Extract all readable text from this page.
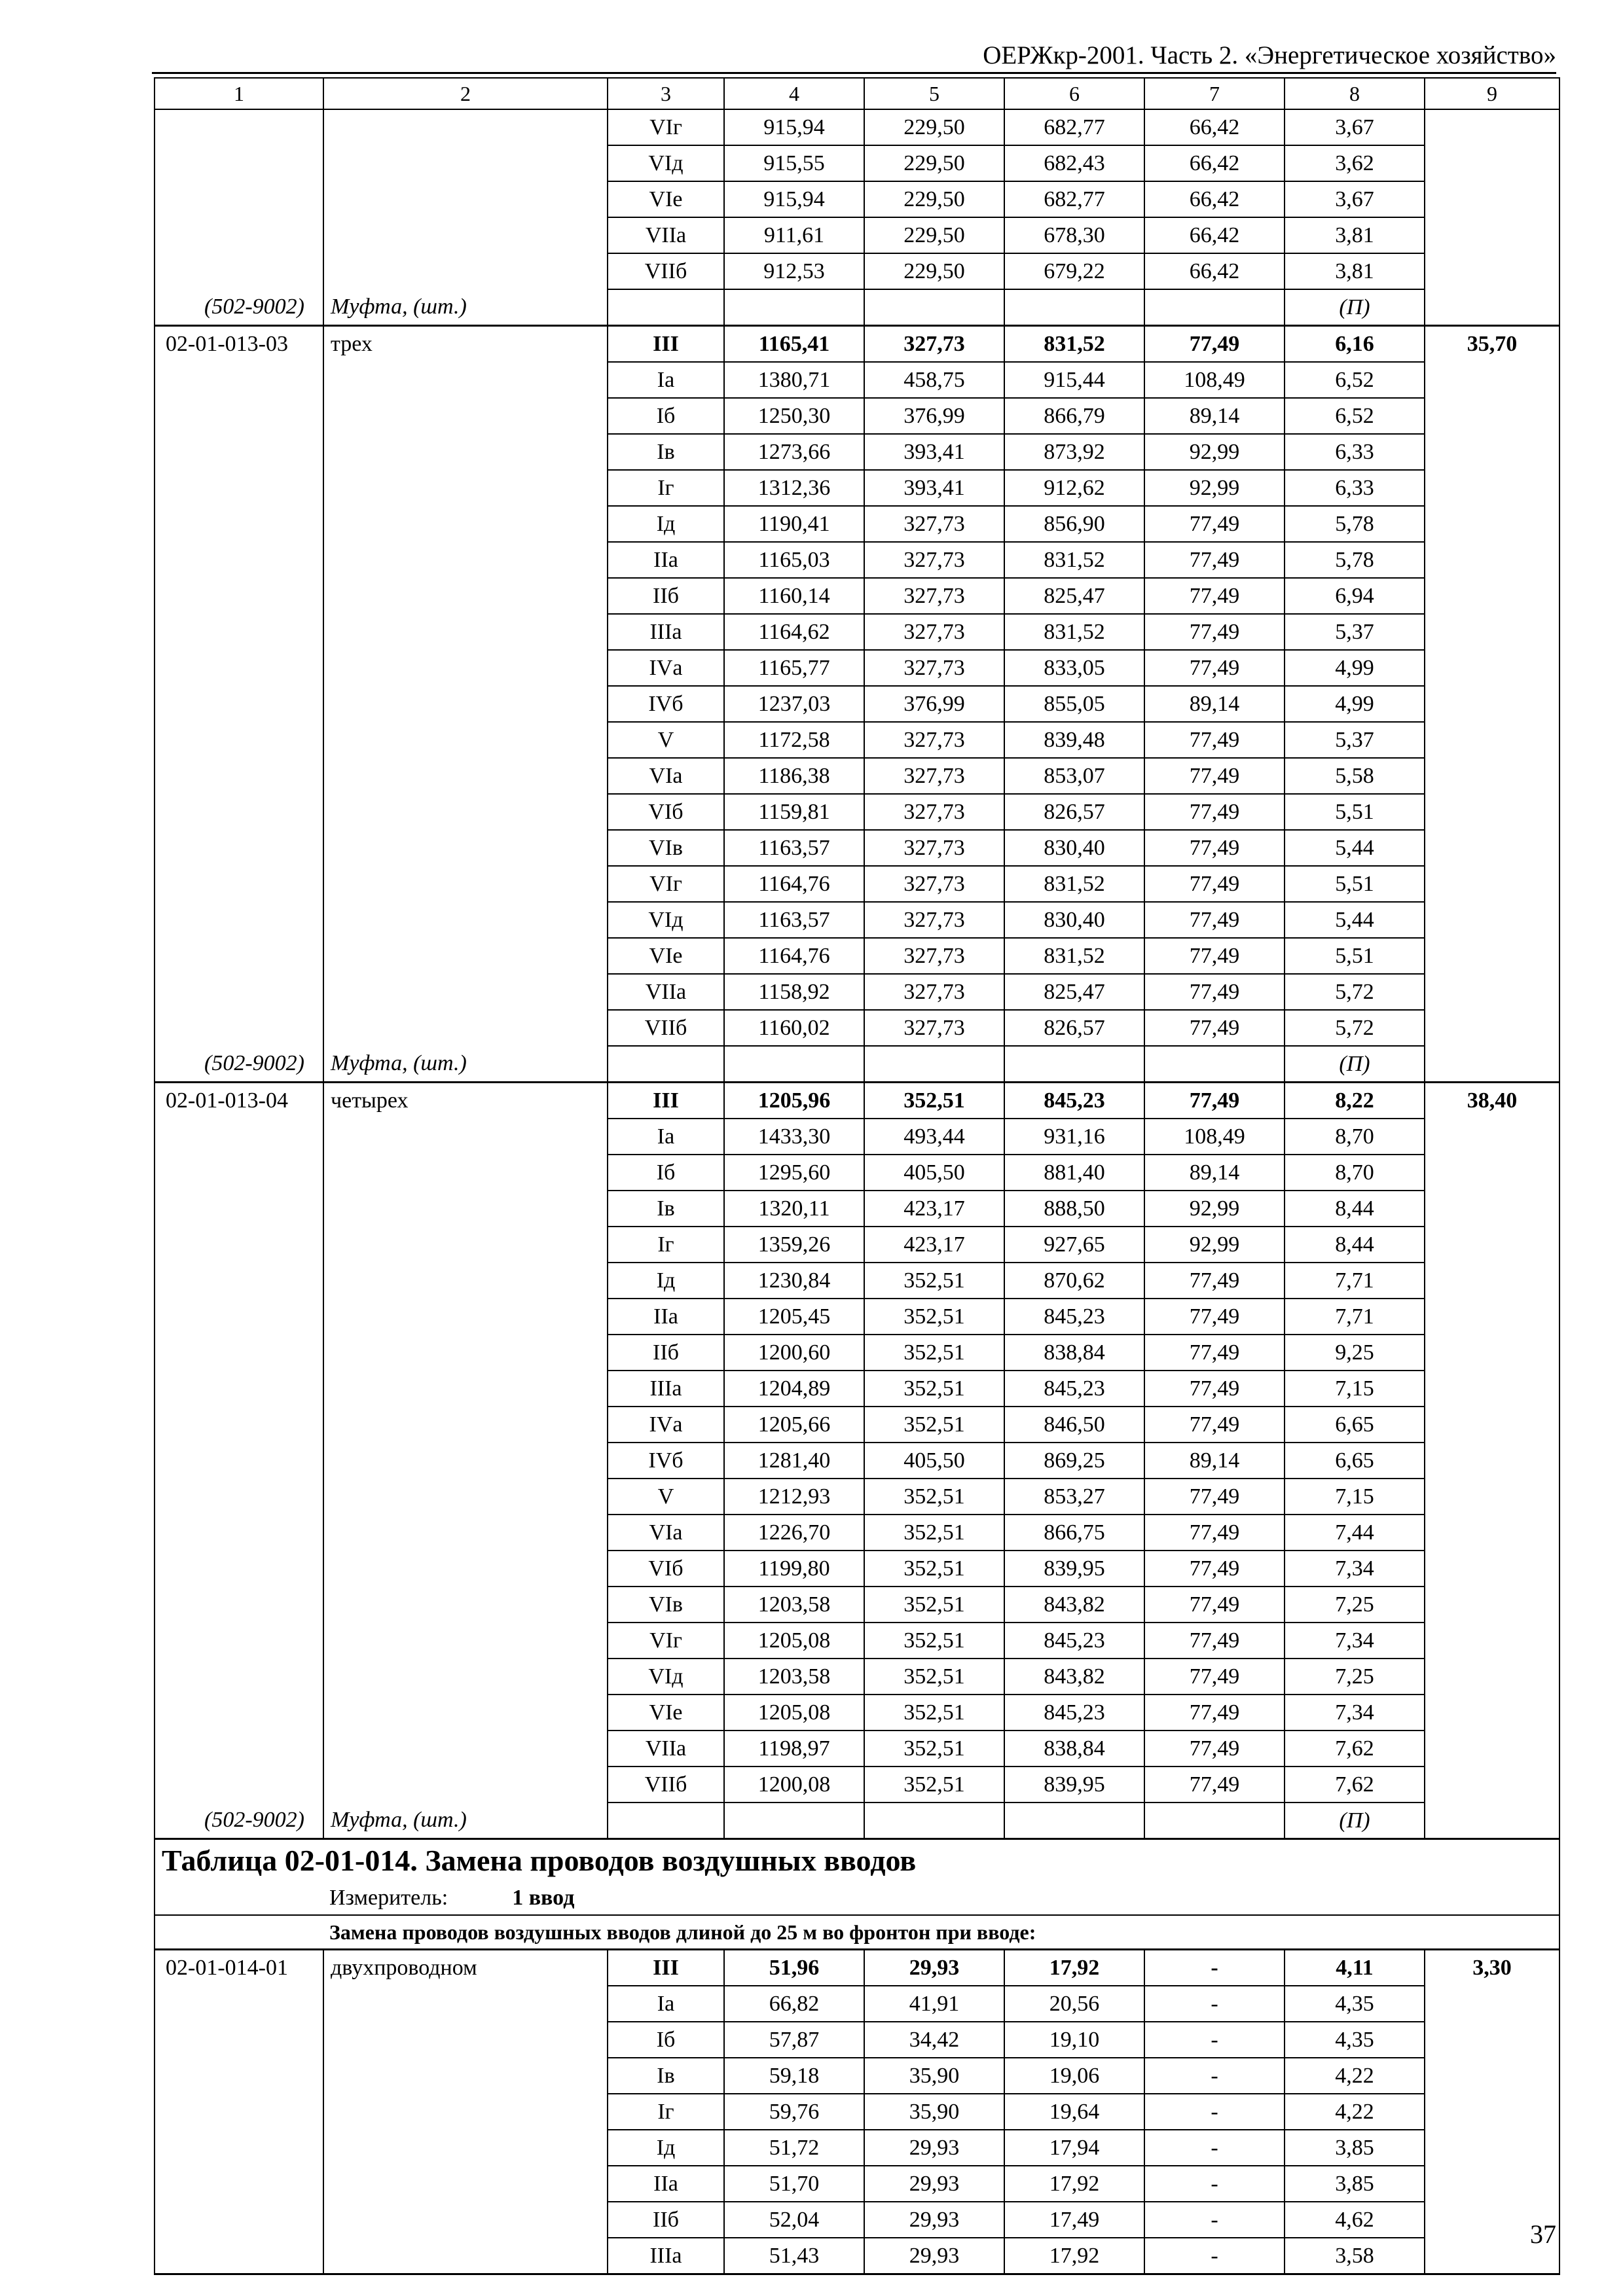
ОЕРЖкр-2001. Часть 2. «Энергетическое хозяйство»
1	2	3	4	5	6	7	8	9
		VIг	915,94	229,50	682,77	66,42	3,67	
		VIд	915,55	229,50	682,43	66,42	3,62	
		VIе	915,94	229,50	682,77	66,42	3,67	
		VIIа	911,61	229,50	678,30	66,42	3,81	
		VIIб	912,53	229,50	679,22	66,42	3,81	
(502-9002)	Муфта, (шт.)						(П)	
02-01-013-03	трех	III	1165,41	327,73	831,52	77,49	6,16	35,70
		Iа	1380,71	458,75	915,44	108,49	6,52	
		Iб	1250,30	376,99	866,79	89,14	6,52	
		Iв	1273,66	393,41	873,92	92,99	6,33	
		Iг	1312,36	393,41	912,62	92,99	6,33	
		Iд	1190,41	327,73	856,90	77,49	5,78	
		IIа	1165,03	327,73	831,52	77,49	5,78	
		IIб	1160,14	327,73	825,47	77,49	6,94	
		IIIа	1164,62	327,73	831,52	77,49	5,37	
		IVа	1165,77	327,73	833,05	77,49	4,99	
		IVб	1237,03	376,99	855,05	89,14	4,99	
		V	1172,58	327,73	839,48	77,49	5,37	
		VIа	1186,38	327,73	853,07	77,49	5,58	
		VIб	1159,81	327,73	826,57	77,49	5,51	
		VIв	1163,57	327,73	830,40	77,49	5,44	
		VIг	1164,76	327,73	831,52	77,49	5,51	
		VIд	1163,57	327,73	830,40	77,49	5,44	
		VIе	1164,76	327,73	831,52	77,49	5,51	
		VIIа	1158,92	327,73	825,47	77,49	5,72	
		VIIб	1160,02	327,73	826,57	77,49	5,72	
(502-9002)	Муфта, (шт.)						(П)	
02-01-013-04	четырех	III	1205,96	352,51	845,23	77,49	8,22	38,40
		Iа	1433,30	493,44	931,16	108,49	8,70	
		Iб	1295,60	405,50	881,40	89,14	8,70	
		Iв	1320,11	423,17	888,50	92,99	8,44	
		Iг	1359,26	423,17	927,65	92,99	8,44	
		Iд	1230,84	352,51	870,62	77,49	7,71	
		IIа	1205,45	352,51	845,23	77,49	7,71	
		IIб	1200,60	352,51	838,84	77,49	9,25	
		IIIа	1204,89	352,51	845,23	77,49	7,15	
		IVа	1205,66	352,51	846,50	77,49	6,65	
		IVб	1281,40	405,50	869,25	89,14	6,65	
		V	1212,93	352,51	853,27	77,49	7,15	
		VIа	1226,70	352,51	866,75	77,49	7,44	
		VIб	1199,80	352,51	839,95	77,49	7,34	
		VIв	1203,58	352,51	843,82	77,49	7,25	
		VIг	1205,08	352,51	845,23	77,49	7,34	
		VIд	1203,58	352,51	843,82	77,49	7,25	
		VIе	1205,08	352,51	845,23	77,49	7,34	
		VIIа	1198,97	352,51	838,84	77,49	7,62	
		VIIб	1200,08	352,51	839,95	77,49	7,62	
(502-9002)	Муфта, (шт.)						(П)	
Таблица 02-01-014. Замена проводов воздушных вводов								
Измеритель: 1 ввод								
Замена проводов воздушных вводов длиной до 25 м во фронтон при вводе:								
02-01-014-01	двухпроводном	III	51,96	29,93	17,92	-	4,11	3,30
		Iа	66,82	41,91	20,56	-	4,35	
		Iб	57,87	34,42	19,10	-	4,35	
		Iв	59,18	35,90	19,06	-	4,22	
		Iг	59,76	35,90	19,64	-	4,22	
		Iд	51,72	29,93	17,94	-	3,85	
		IIа	51,70	29,93	17,92	-	3,85	
		IIб	52,04	29,93	17,49	-	4,62	
		IIIа	51,43	29,93	17,92	-	3,58	
37
